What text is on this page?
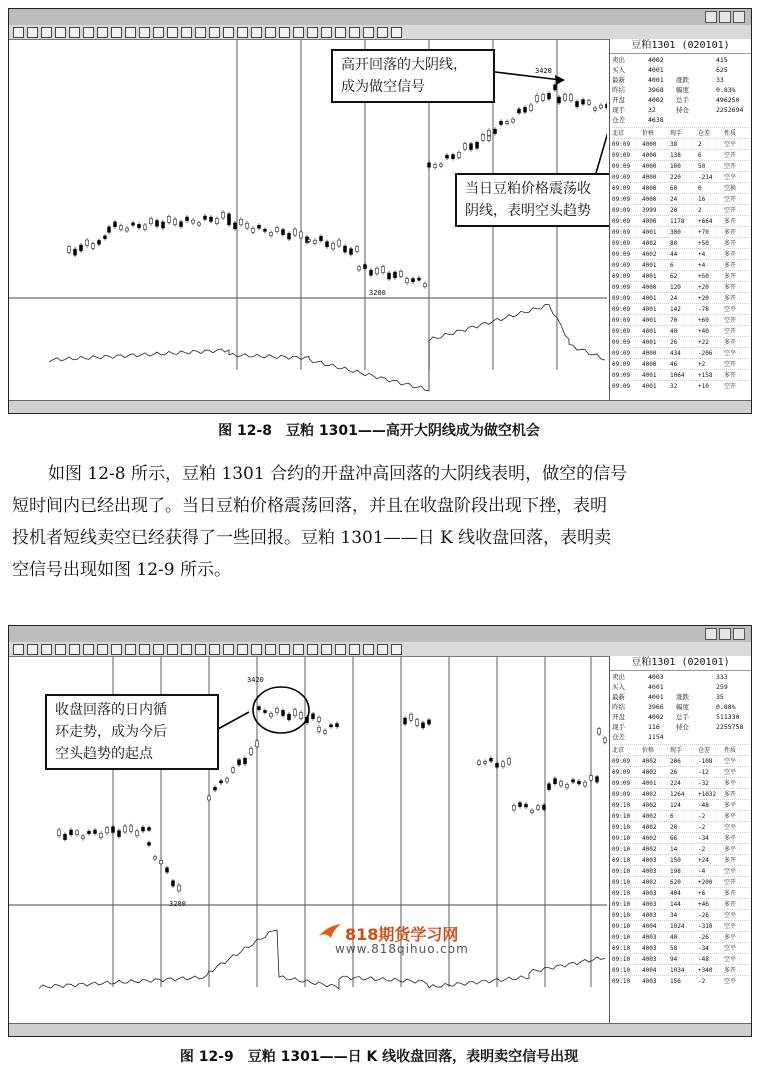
3420
3200
高开回落的大阴线，
成为做空信号
当日豆粕价格震荡收
阴线，表明空头趋势
豆粕1301 (020101)
卖出	4002	415
买入	4001	625
最新	4001 涨跌	33
昨结	3968 幅度	0.83%
开盘	4002 总手	496250
现手	32	持仓	2252694
仓差	4638
北京	价格	现手	仓差 性质
09:09 4000 38	2	空平
09:09 4000 138	6	空开
09:09 4000 100	50	空开
09:09 4000 220	-214 空平
09:09 4000 60	0	空换
09:09 4000 24	16	空开
09:09 3999 20	2	空开
09:09 4000 1178 +664 多开
09:09 4001 300	+70	多开
09:09 4002 80	+50	多开
09:09 4002 44	+4	多开
09:09 4001 6	+4	多开
09:09 4001 62	+50	多开
09:09 4000 120	+20	多开
09:09 4001 24	+20	多开
09:09 4001 142	-78	空平
09:09 4001 70	+60	空开
09:09 4001 40	+40	空开
09:09 4001 26	+22	多开
09:09 4000 434	-206 空平
09:09 4000 46	+2	空开
09:09 4001 1064 +158 多开
09:09 4001 32	+10	空开
图 12-8　豆粕 1301——高开大阴线成为做空机会
如图 12-8 所示，豆粕 1301 合约的开盘冲高回落的大阴线表明，做空的信号
短时间内已经出现了。当日豆粕价格震荡回落，并且在收盘阶段出现下挫，表明
投机者短线卖空已经获得了一些回报。豆粕 1301——日 K 线收盘回落，表明卖
空信号出现如图 12-9 所示。
3420
3200
收盘回落的日内循
环走势，成为今后
空头趋势的起点
818期货学习网
www.818qihuo.com
豆粕1301 (020101)
卖出	4003	333
买入	4001	259
最新	4001 涨跌	35
昨结	3966 幅度	0.88%
开盘	4002 总手	511330
现手	116	持仓	2255758
仓差	1154
北京	价格	现手	仓差 性质
09:09 4002 206	-108 空平
09:09 4002 26	-12	空平
09:09 4001 224	-32	多平
09:09 4002 1264 +1032 多开
09:10 4002 124	-48	多平
09:10 4002 6	-2	多平
09:10 4002 20	-2	空平
09:10 4002 66	-34	多平
09:10 4002 14	-2	多平
09:10 4003 150	+24	多开
09:10 4003 198	-4	空平
09:10 4002 620	+200 空开
09:10 4003 404	+6	多开
09:10 4003 144	+46	多开
09:10 4003 34	-26	空平
09:10 4004 1024 -310 空平
09:10 4003 40	-26	多平
09:10 4003 58	-34	空平
09:10 4003 94	-48	空平
09:10 4004 1034 +340 多开
09:10 4003 156	-2	空平
图 12-9　豆粕 1301——日 K 线收盘回落，表明卖空信号出现
